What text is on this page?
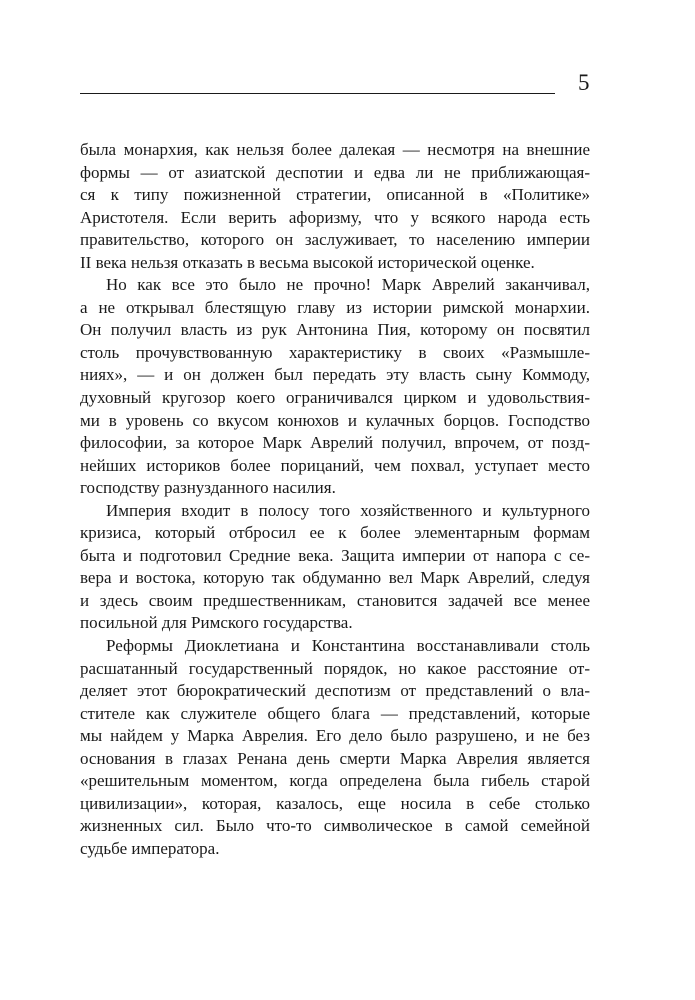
5
была монархия, как нельзя более далекая — несмотря на внешние
формы — от азиатской деспотии и едва ли не приближающая-
ся к типу пожизненной стратегии, описанной в «Политике»
Аристотеля. Если верить афоризму, что у всякого народа есть
правительство, которого он заслуживает, то населению империи
II века нельзя отказать в весьма высокой исторической оценке.
Но как все это было не прочно! Марк Аврелий заканчивал,
а не открывал блестящую главу из истории римской монархии.
Он получил власть из рук Антонина Пия, которому он посвятил
столь прочувствованную характеристику в своих «Размышле-
ниях», — и он должен был передать эту власть сыну Коммоду,
духовный кругозор коего ограничивался цирком и удовольствия-
ми в уровень со вкусом конюхов и кулачных борцов. Господство
философии, за которое Марк Аврелий получил, впрочем, от позд-
нейших историков более порицаний, чем похвал, уступает место
господству разнузданного насилия.
Империя входит в полосу того хозяйственного и культурного
кризиса, который отбросил ее к более элементарным формам
быта и подготовил Средние века. Защита империи от напора с се-
вера и востока, которую так обдуманно вел Марк Аврелий, следуя
и здесь своим предшественникам, становится задачей все менее
посильной для Римского государства.
Реформы Диоклетиана и Константина восстанавливали столь
расшатанный государственный порядок, но какое расстояние от-
деляет этот бюрократический деспотизм от представлений о вла-
стителе как служителе общего блага — представлений, которые
мы найдем у Марка Аврелия. Его дело было разрушено, и не без
основания в глазах Ренана день смерти Марка Аврелия является
«решительным моментом, когда определена была гибель старой
цивилизации», которая, казалось, еще носила в себе столько
жизненных сил. Было что-то символическое в самой семейной
судьбе императора.
